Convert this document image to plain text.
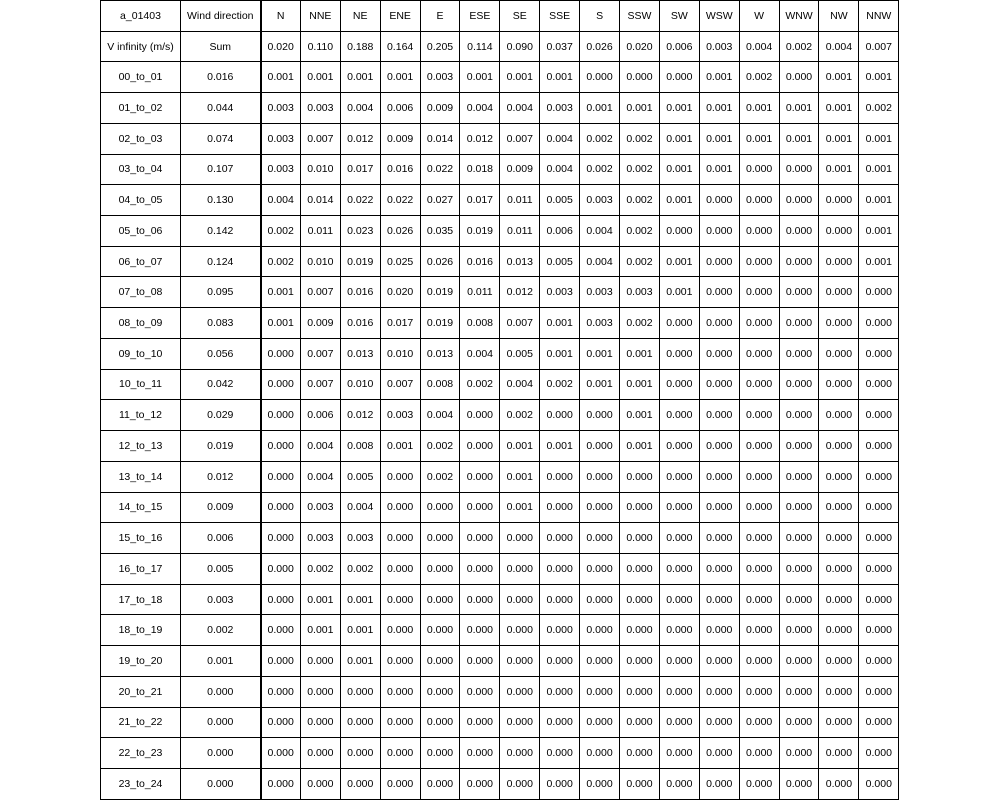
a_01403	Wind direction	N	NNE	NE	ENE	E	ESE	SE	SSE	S	SSW	SW	WSW	W	WNW	NW	NNW
V infinity (m/s)	Sum	0.020	0.110	0.188	0.164	0.205	0.114	0.090	0.037	0.026	0.020	0.006	0.003	0.004	0.002	0.004	0.007
00_to_01	0.016	0.001	0.001	0.001	0.001	0.003	0.001	0.001	0.001	0.000	0.000	0.000	0.001	0.002	0.000	0.001	0.001
01_to_02	0.044	0.003	0.003	0.004	0.006	0.009	0.004	0.004	0.003	0.001	0.001	0.001	0.001	0.001	0.001	0.001	0.002
02_to_03	0.074	0.003	0.007	0.012	0.009	0.014	0.012	0.007	0.004	0.002	0.002	0.001	0.001	0.001	0.001	0.001	0.001
03_to_04	0.107	0.003	0.010	0.017	0.016	0.022	0.018	0.009	0.004	0.002	0.002	0.001	0.001	0.000	0.000	0.001	0.001
04_to_05	0.130	0.004	0.014	0.022	0.022	0.027	0.017	0.011	0.005	0.003	0.002	0.001	0.000	0.000	0.000	0.000	0.001
05_to_06	0.142	0.002	0.011	0.023	0.026	0.035	0.019	0.011	0.006	0.004	0.002	0.000	0.000	0.000	0.000	0.000	0.001
06_to_07	0.124	0.002	0.010	0.019	0.025	0.026	0.016	0.013	0.005	0.004	0.002	0.001	0.000	0.000	0.000	0.000	0.001
07_to_08	0.095	0.001	0.007	0.016	0.020	0.019	0.011	0.012	0.003	0.003	0.003	0.001	0.000	0.000	0.000	0.000	0.000
08_to_09	0.083	0.001	0.009	0.016	0.017	0.019	0.008	0.007	0.001	0.003	0.002	0.000	0.000	0.000	0.000	0.000	0.000
09_to_10	0.056	0.000	0.007	0.013	0.010	0.013	0.004	0.005	0.001	0.001	0.001	0.000	0.000	0.000	0.000	0.000	0.000
10_to_11	0.042	0.000	0.007	0.010	0.007	0.008	0.002	0.004	0.002	0.001	0.001	0.000	0.000	0.000	0.000	0.000	0.000
11_to_12	0.029	0.000	0.006	0.012	0.003	0.004	0.000	0.002	0.000	0.000	0.001	0.000	0.000	0.000	0.000	0.000	0.000
12_to_13	0.019	0.000	0.004	0.008	0.001	0.002	0.000	0.001	0.001	0.000	0.001	0.000	0.000	0.000	0.000	0.000	0.000
13_to_14	0.012	0.000	0.004	0.005	0.000	0.002	0.000	0.001	0.000	0.000	0.000	0.000	0.000	0.000	0.000	0.000	0.000
14_to_15	0.009	0.000	0.003	0.004	0.000	0.000	0.000	0.001	0.000	0.000	0.000	0.000	0.000	0.000	0.000	0.000	0.000
15_to_16	0.006	0.000	0.003	0.003	0.000	0.000	0.000	0.000	0.000	0.000	0.000	0.000	0.000	0.000	0.000	0.000	0.000
16_to_17	0.005	0.000	0.002	0.002	0.000	0.000	0.000	0.000	0.000	0.000	0.000	0.000	0.000	0.000	0.000	0.000	0.000
17_to_18	0.003	0.000	0.001	0.001	0.000	0.000	0.000	0.000	0.000	0.000	0.000	0.000	0.000	0.000	0.000	0.000	0.000
18_to_19	0.002	0.000	0.001	0.001	0.000	0.000	0.000	0.000	0.000	0.000	0.000	0.000	0.000	0.000	0.000	0.000	0.000
19_to_20	0.001	0.000	0.000	0.001	0.000	0.000	0.000	0.000	0.000	0.000	0.000	0.000	0.000	0.000	0.000	0.000	0.000
20_to_21	0.000	0.000	0.000	0.000	0.000	0.000	0.000	0.000	0.000	0.000	0.000	0.000	0.000	0.000	0.000	0.000	0.000
21_to_22	0.000	0.000	0.000	0.000	0.000	0.000	0.000	0.000	0.000	0.000	0.000	0.000	0.000	0.000	0.000	0.000	0.000
22_to_23	0.000	0.000	0.000	0.000	0.000	0.000	0.000	0.000	0.000	0.000	0.000	0.000	0.000	0.000	0.000	0.000	0.000
23_to_24	0.000	0.000	0.000	0.000	0.000	0.000	0.000	0.000	0.000	0.000	0.000	0.000	0.000	0.000	0.000	0.000	0.000
